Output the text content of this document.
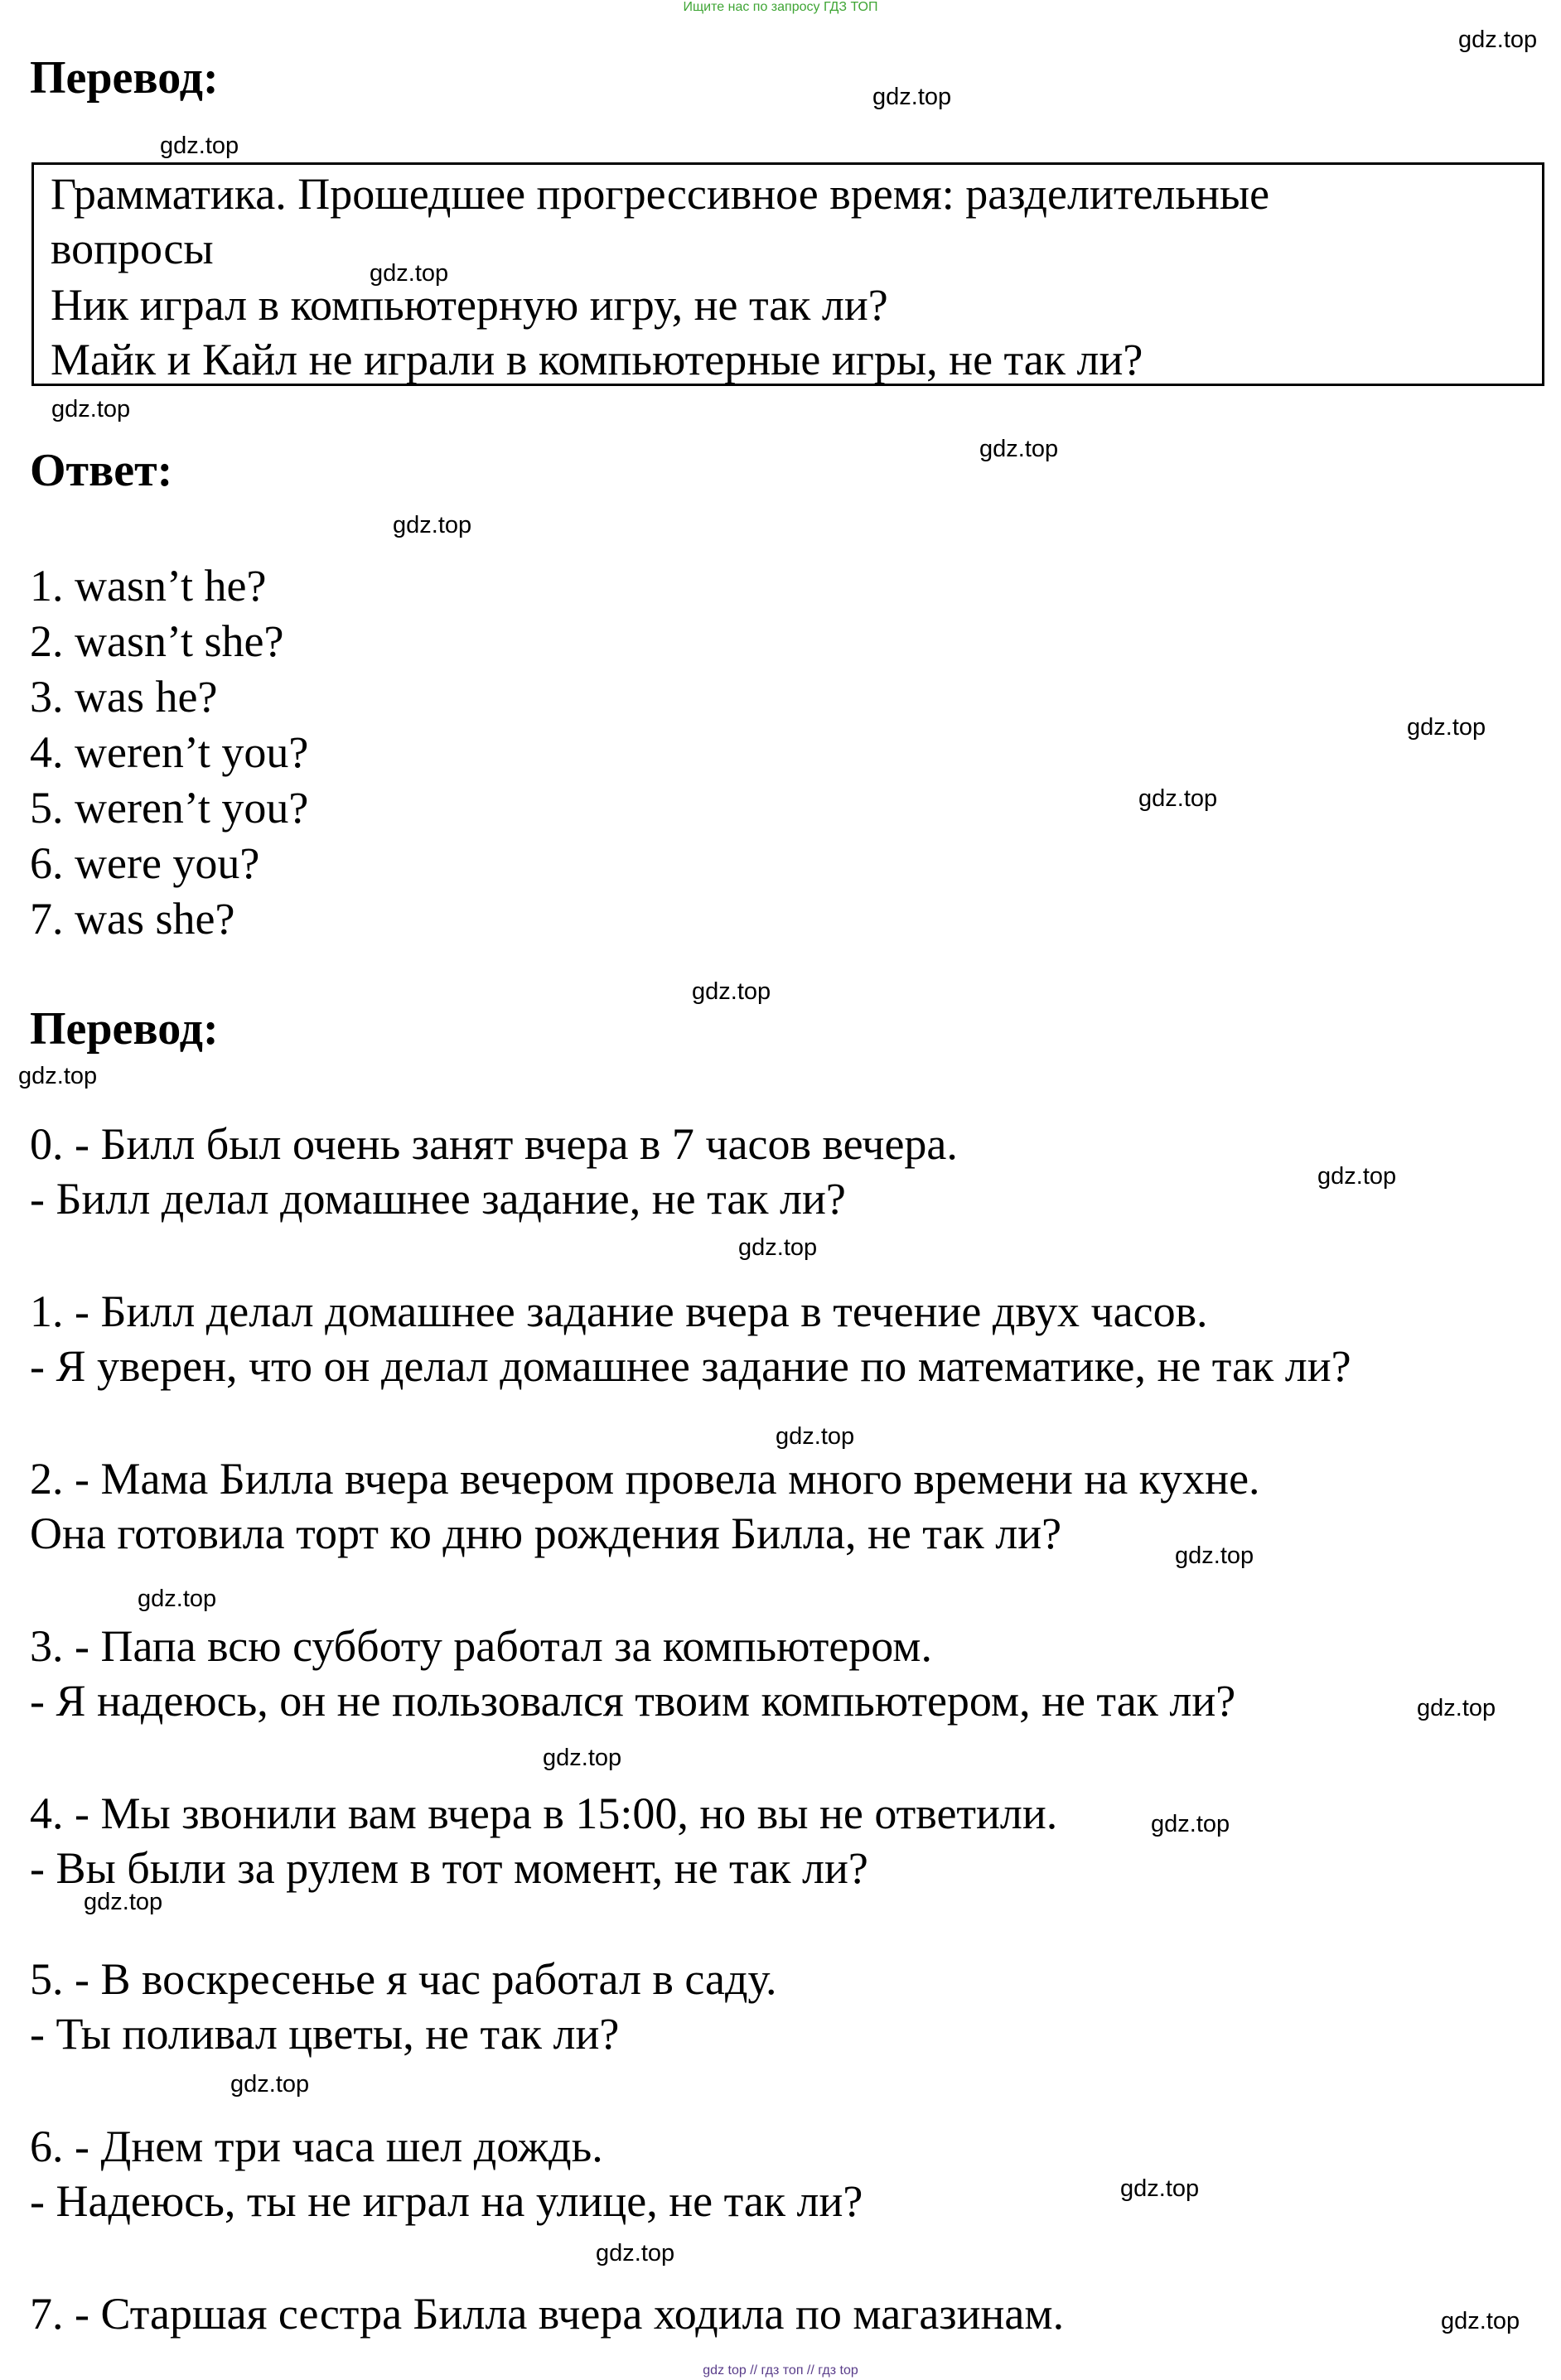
Ищите нас по запросу ГДЗ ТОП
Перевод:
Грамматика. Прошедшее прогрессивное время: разделительные
вопросы
Ник играл в компьютерную игру, не так ли?
Майк и Кайл не играли в компьютерные игры, не так ли?
Ответ:
1. wasn’t he?
2. wasn’t she?
3. was he?
4. weren’t you?
5. weren’t you?
6. were you?
7. was she?
Перевод:
0. - Билл был очень занят вчера в 7 часов вечера.
- Билл делал домашнее задание, не так ли?
1. - Билл делал домашнее задание вчера в течение двух часов.
- Я уверен, что он делал домашнее задание по математике, не так ли?
2. - Мама Билла вчера вечером провела много времени на кухне.
Она готовила торт ко дню рождения Билла, не так ли?
3. - Папа всю субботу работал за компьютером.
- Я надеюсь, он не пользовался твоим компьютером, не так ли?
4. - Мы звонили вам вчера в 15:00, но вы не ответили.
- Вы были за рулем в тот момент, не так ли?
5. - В воскресенье я час работал в саду.
- Ты поливал цветы, не так ли?
6. - Днем три часа шел дождь.
- Надеюсь, ты не играл на улице, не так ли?
7. - Старшая сестра Билла вчера ходила по магазинам.
gdz.top
gdz.top
gdz.top
gdz.top
gdz.top
gdz.top
gdz.top
gdz.top
gdz.top
gdz.top
gdz.top
gdz.top
gdz.top
gdz.top
gdz.top
gdz.top
gdz.top
gdz.top
gdz.top
gdz.top
gdz.top
gdz.top
gdz.top
gdz.top
gdz top // гдз топ // гдз top
